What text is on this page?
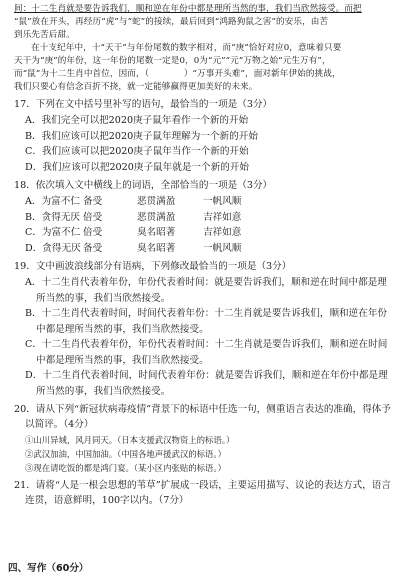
间：十二生肖就是要告诉我们，顺和逆在年份中都是理所当然的事，我们当欣然接受。而把

“鼠”放在开头，再经历“虎”与“蛇”的接续，最后回到“鸿路狗鼠之害”的安乐，由苦

到乐先苦后甜。

在十支纪年中，十“天干”与年份尾数的数字相对，而“庚”恰好对应0，意味着只要

天干为“庚”的年份，这一年份的尾数一定是0，0为“元”“元”万物之始“元生万有”，

而“鼠”为十二生肖中首位，因而，（　　　　）“万事开头难”，面对新年伊始的挑战，

我们只要心有信念百折不挠，就一定能够赢得更加美好的未来。

17．下列在文中括号里补写的语句，最恰当的一项是（3分）

A．我们完全可以把2020庚子鼠年看作一个新的开始

B．我们应该可以把2020庚子鼠年理解为一个新的开始

C．我们应该可以把2020庚子鼠年当作一个新的开始

D．我们应该可以把2020庚子鼠年就是一个新的开始

18．依次填入文中横线上的词语，全部恰当的一项是（3分）

A．为富不仁 备受	恶贯满盈	一帆风顺
B．贪得无厌 倍受	恶贯满盈	吉祥如意
C．为富不仁 倍受	臭名昭著	吉祥如意
D．贪得无厌 备受	臭名昭著	一帆风顺

19．文中画波浪线部分有语病，下列修改最恰当的一项是（3分）

A．十二生肖代表着年份，年份代表着时间：就是要告诉我们，顺和逆在时间中都是理
所当然的事，我们当欣然接受。
B．十二生肖代表着时间，时间代表着年份：十二生肖就是要告诉我们，顺和逆在年份
中都是理所当然的事，我们当欣然接受。
C．十二生肖代表着年份，年份代表着时间：十二生肖就是要告诉我们，顺和逆在时间
中都是理所当然的事，我们当欣然接受。
D．十二生肖代表着时间，时间代表着年份：就是要告诉我们，顺和逆在年份中都是理
所当然的事，我们当欣然接受。

20．请从下列“新冠状病毒疫情”背景下的标语中任选一句，侧重语言表达的准确，得体予

以简评。（4分）

①山川异域，风月同天。（日本支援武汉物资上的标语。）

②武汉加油，中国加油。（中国各地声援武汉的标语。）

③现在请吃饭的都是鸿门宴。（某小区内张贴的标语。）

21．请将“人是一根会思想的苇草”扩展成一段话，主要运用描写、议论的表达方式，语言

连贯，语意鲜明，100字以内。（7分）

四、写作（60分）
